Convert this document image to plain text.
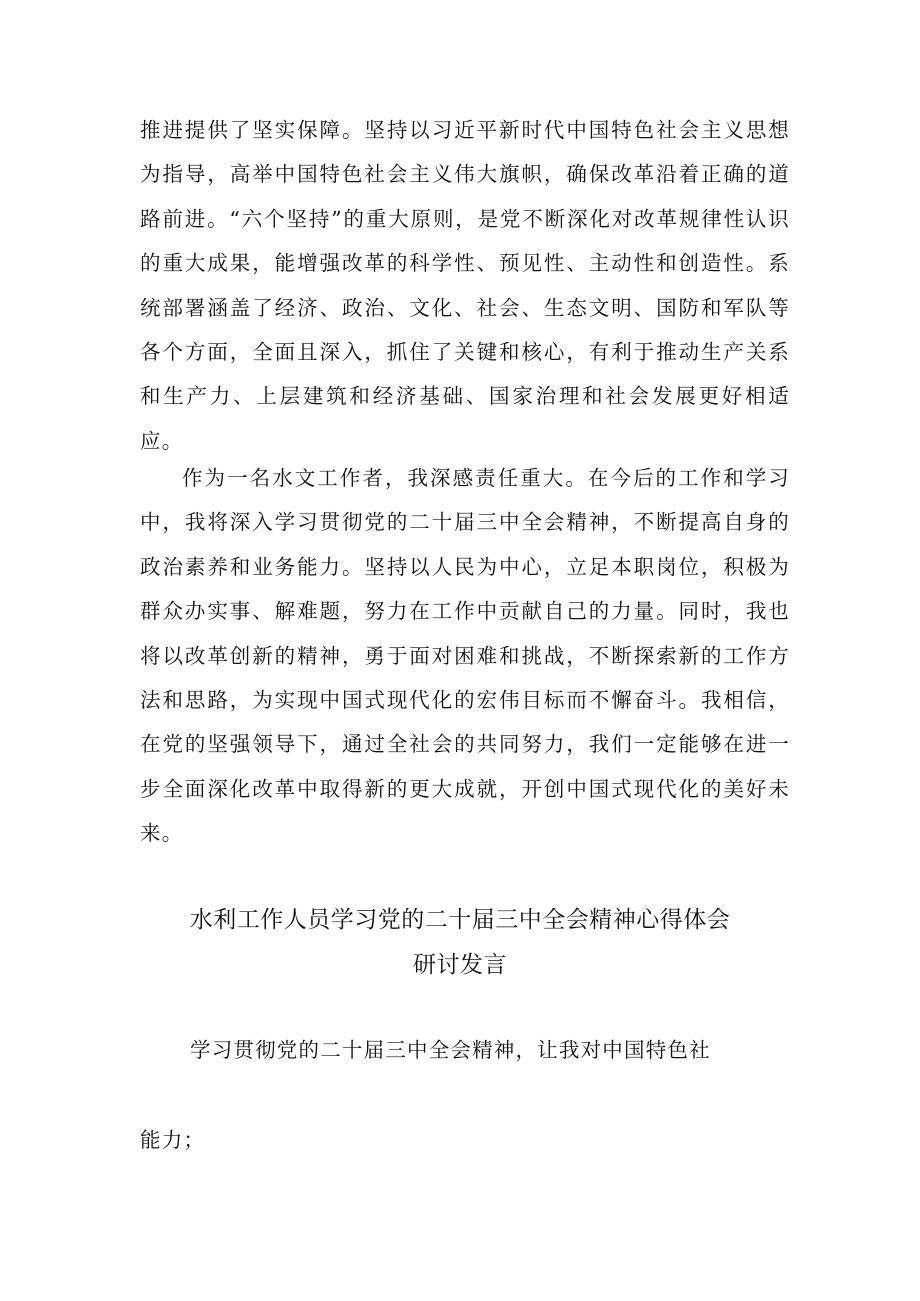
推进提供了坚实保障。坚持以习近平新时代中国特色社会主义思想为指导，高举中国特色社会主义伟大旗帜，确保改革沿着正确的道路前进。“六个坚持”的重大原则，是党不断深化对改革规律性认识的重大成果，能增强改革的科学性、预见性、主动性和创造性。系统部署涵盖了经济、政治、文化、社会、生态文明、国防和军队等各个方面，全面且深入，抓住了关键和核心，有利于推动生产关系和生产力、上层建筑和经济基础、国家治理和社会发展更好相适应。

作为一名水文工作者，我深感责任重大。在今后的工作和学习中，我将深入学习贯彻党的二十届三中全会精神，不断提高自身的政治素养和业务能力。坚持以人民为中心，立足本职岗位，积极为群众办实事、解难题，努力在工作中贡献自己的力量。同时，我也将以改革创新的精神，勇于面对困难和挑战，不断探索新的工作方法和思路，为实现中国式现代化的宏伟目标而不懈奋斗。我相信，在党的坚强领导下，通过全社会的共同努力，我们一定能够在进一步全面深化改革中取得新的更大成就，开创中国式现代化的美好未来。

水利工作人员学习党的二十届三中全会精神心得体会
研讨发言

学习贯彻党的二十届三中全会精神，让我对中国特色社

能力；
